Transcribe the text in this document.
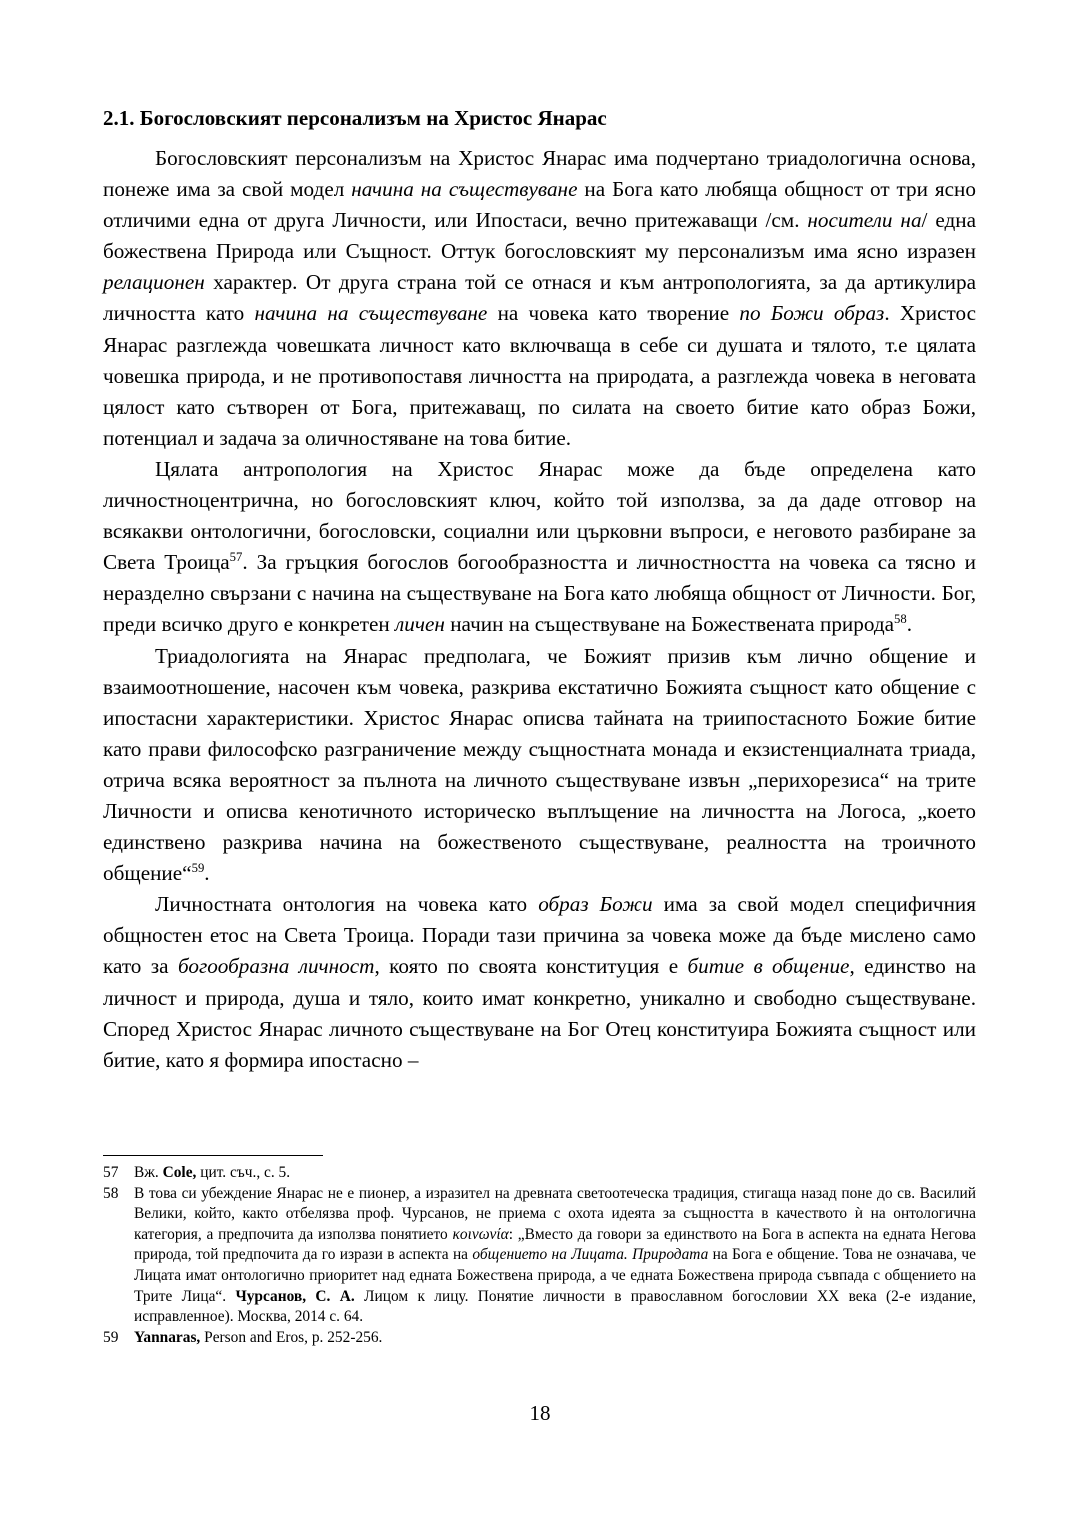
2.1. Богословският персонализъм на Христос Янарас

Богословският персонализъм на Христос Янарас има подчертано триадологична основа, понеже има за свой модел начина на съществуване на Бога като любяща общност от три ясно отличими една от друга Личности, или Ипостаси, вечно притежаващи /см. носители на/ една божествена Природа или Същност. Оттук богословският му персонализъм има ясно изразен релационен характер. От друга страна той се отнася и към антропологията, за да артикулира личността като начина на съществуване на човека като творение по Божи образ. Христос Янарас разглежда човешката личност като включваща в себе си душата и тялото, т.е цялата човешка природа, и не противопоставя личността на природата, а разглежда човека в неговата цялост като сътворен от Бога, притежаващ, по силата на своето битие като образ Божи, потенциал и задача за оличностяване на това битие.

Цялата антропология на Христос Янарас може да бъде определена като личностноцентрична, но богословският ключ, който той използва, за да даде отговор на всякакви онтологични, богословски, социални или църковни въпроси, е неговото разбиране за Света Троица$^{57}$. За гръцкия богослов богообразността и личностността на човека са тясно и неразделно свързани с начина на съществуване на Бога като любяща общност от Личности. Бог, преди всичко друго е конкретен личен начин на съществуване на Божествената природа$^{58}$.

Триадологията на Янарас предполага, че Божият призив към лично общение и взаимоотношение, насочен към човека, разкрива екстатично Божията същност като общение с ипостасни характеристики. Христос Янарас описва тайната на триипостасното Божие битие като прави философско разграничение между същностната монада и екзистенциалната триада, отрича всяка вероятност за пълнота на личното съществуване извън „перихорезиса“ на трите Личности и описва кенотичното историческо въплъщение на личността на Логоса, „което единствено разкрива начина на божественото съществуване, реалността на троичното общение“$^{59}$.

Личностната онтология на човека като образ Божи има за свой модел специфичния общностен етос на Света Троица. Поради тази причина за човека може да бъде мислено само като за богообразна личност, която по своята конституция е битие в общение, единство на личност и природа, душа и тяло, които имат конкретно, уникално и свободно съществуване. Според Христос Янарас личното съществуване на Бог Отец конституира Божията същност или битие, като я формира ипостасно –

57 Вж. Cole, цит. съч., с. 5.

58 В това си убеждение Янарас не е пионер, а изразител на древната светоотеческа традиция, стигаща назад поне до св. Василий Велики, който, както отбелязва проф. Чурсанов, не приема с охота идеята за същността в качеството ѝ на онтологична категория, а предпочита да използва понятието κοινωνία: „Вместо да говори за единството на Бога в аспекта на едната Негова природа, той предпочита да го изрази в аспекта на общението на Лицата. Природата на Бога е общение. Това не означава, че Лицата имат онтологично приоритет над едната Божествена природа, а че едната Божествена природа съвпада с общението на Трите Лица“. Чурсанов, С. А. Лицом к лицу. Понятие личности в православном богословии XX века (2-е издание, исправленное). Москва, 2014 с. 64.

59 Yannaras, Person and Eros, p. 252-256.

18
